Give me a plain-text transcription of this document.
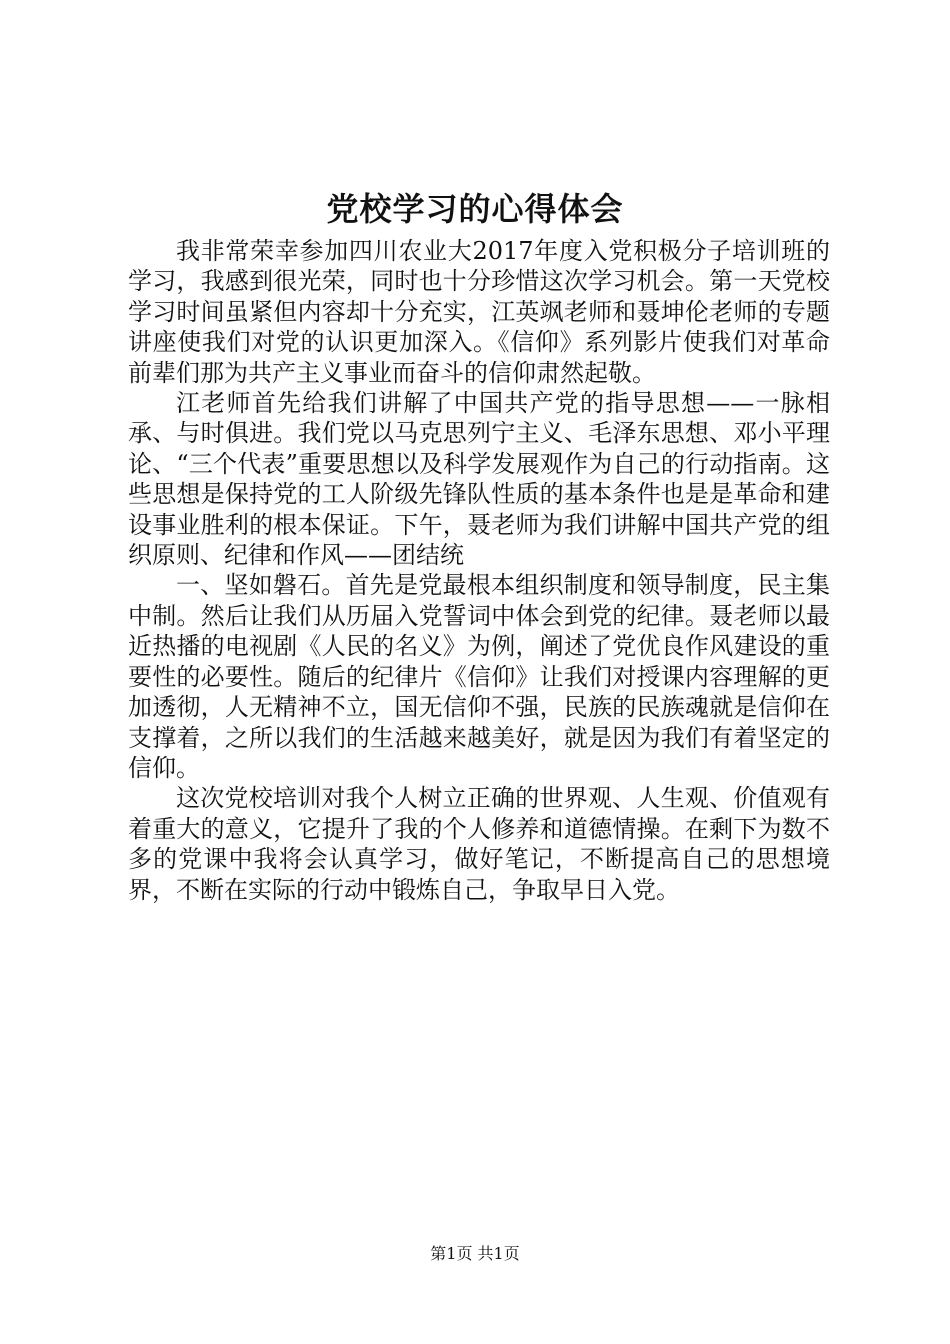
党校学习的心得体会

我非常荣幸参加四川农业大2017年度入党积极分子培训班的学习，我感到很光荣，同时也十分珍惜这次学习机会。第一天党校学习时间虽紧但内容却十分充实，江英飒老师和聂坤伦老师的专题讲座使我们对党的认识更加深入。《信仰》系列影片使我们对革命前辈们那为共产主义事业而奋斗的信仰肃然起敬。

江老师首先给我们讲解了中国共产党的指导思想——一脉相承、与时俱进。我们党以马克思列宁主义、毛泽东思想、邓小平理论、“三个代表”重要思想以及科学发展观作为自己的行动指南。这些思想是保持党的工人阶级先锋队性质的基本条件也是是革命和建设事业胜利的根本保证。下午，聂老师为我们讲解中国共产党的组织原则、纪律和作风——团结统

一、坚如磐石。首先是党最根本组织制度和领导制度，民主集中制。然后让我们从历届入党誓词中体会到党的纪律。聂老师以最近热播的电视剧《人民的名义》为例，阐述了党优良作风建设的重要性的必要性。随后的纪律片《信仰》让我们对授课内容理解的更加透彻，人无精神不立，国无信仰不强，民族的民族魂就是信仰在支撑着，之所以我们的生活越来越美好，就是因为我们有着坚定的信仰。

这次党校培训对我个人树立正确的世界观、人生观、价值观有着重大的意义，它提升了我的个人修养和道德情操。在剩下为数不多的党课中我将会认真学习，做好笔记，不断提高自己的思想境界，不断在实际的行动中锻炼自己，争取早日入党。

第1页 共1页
